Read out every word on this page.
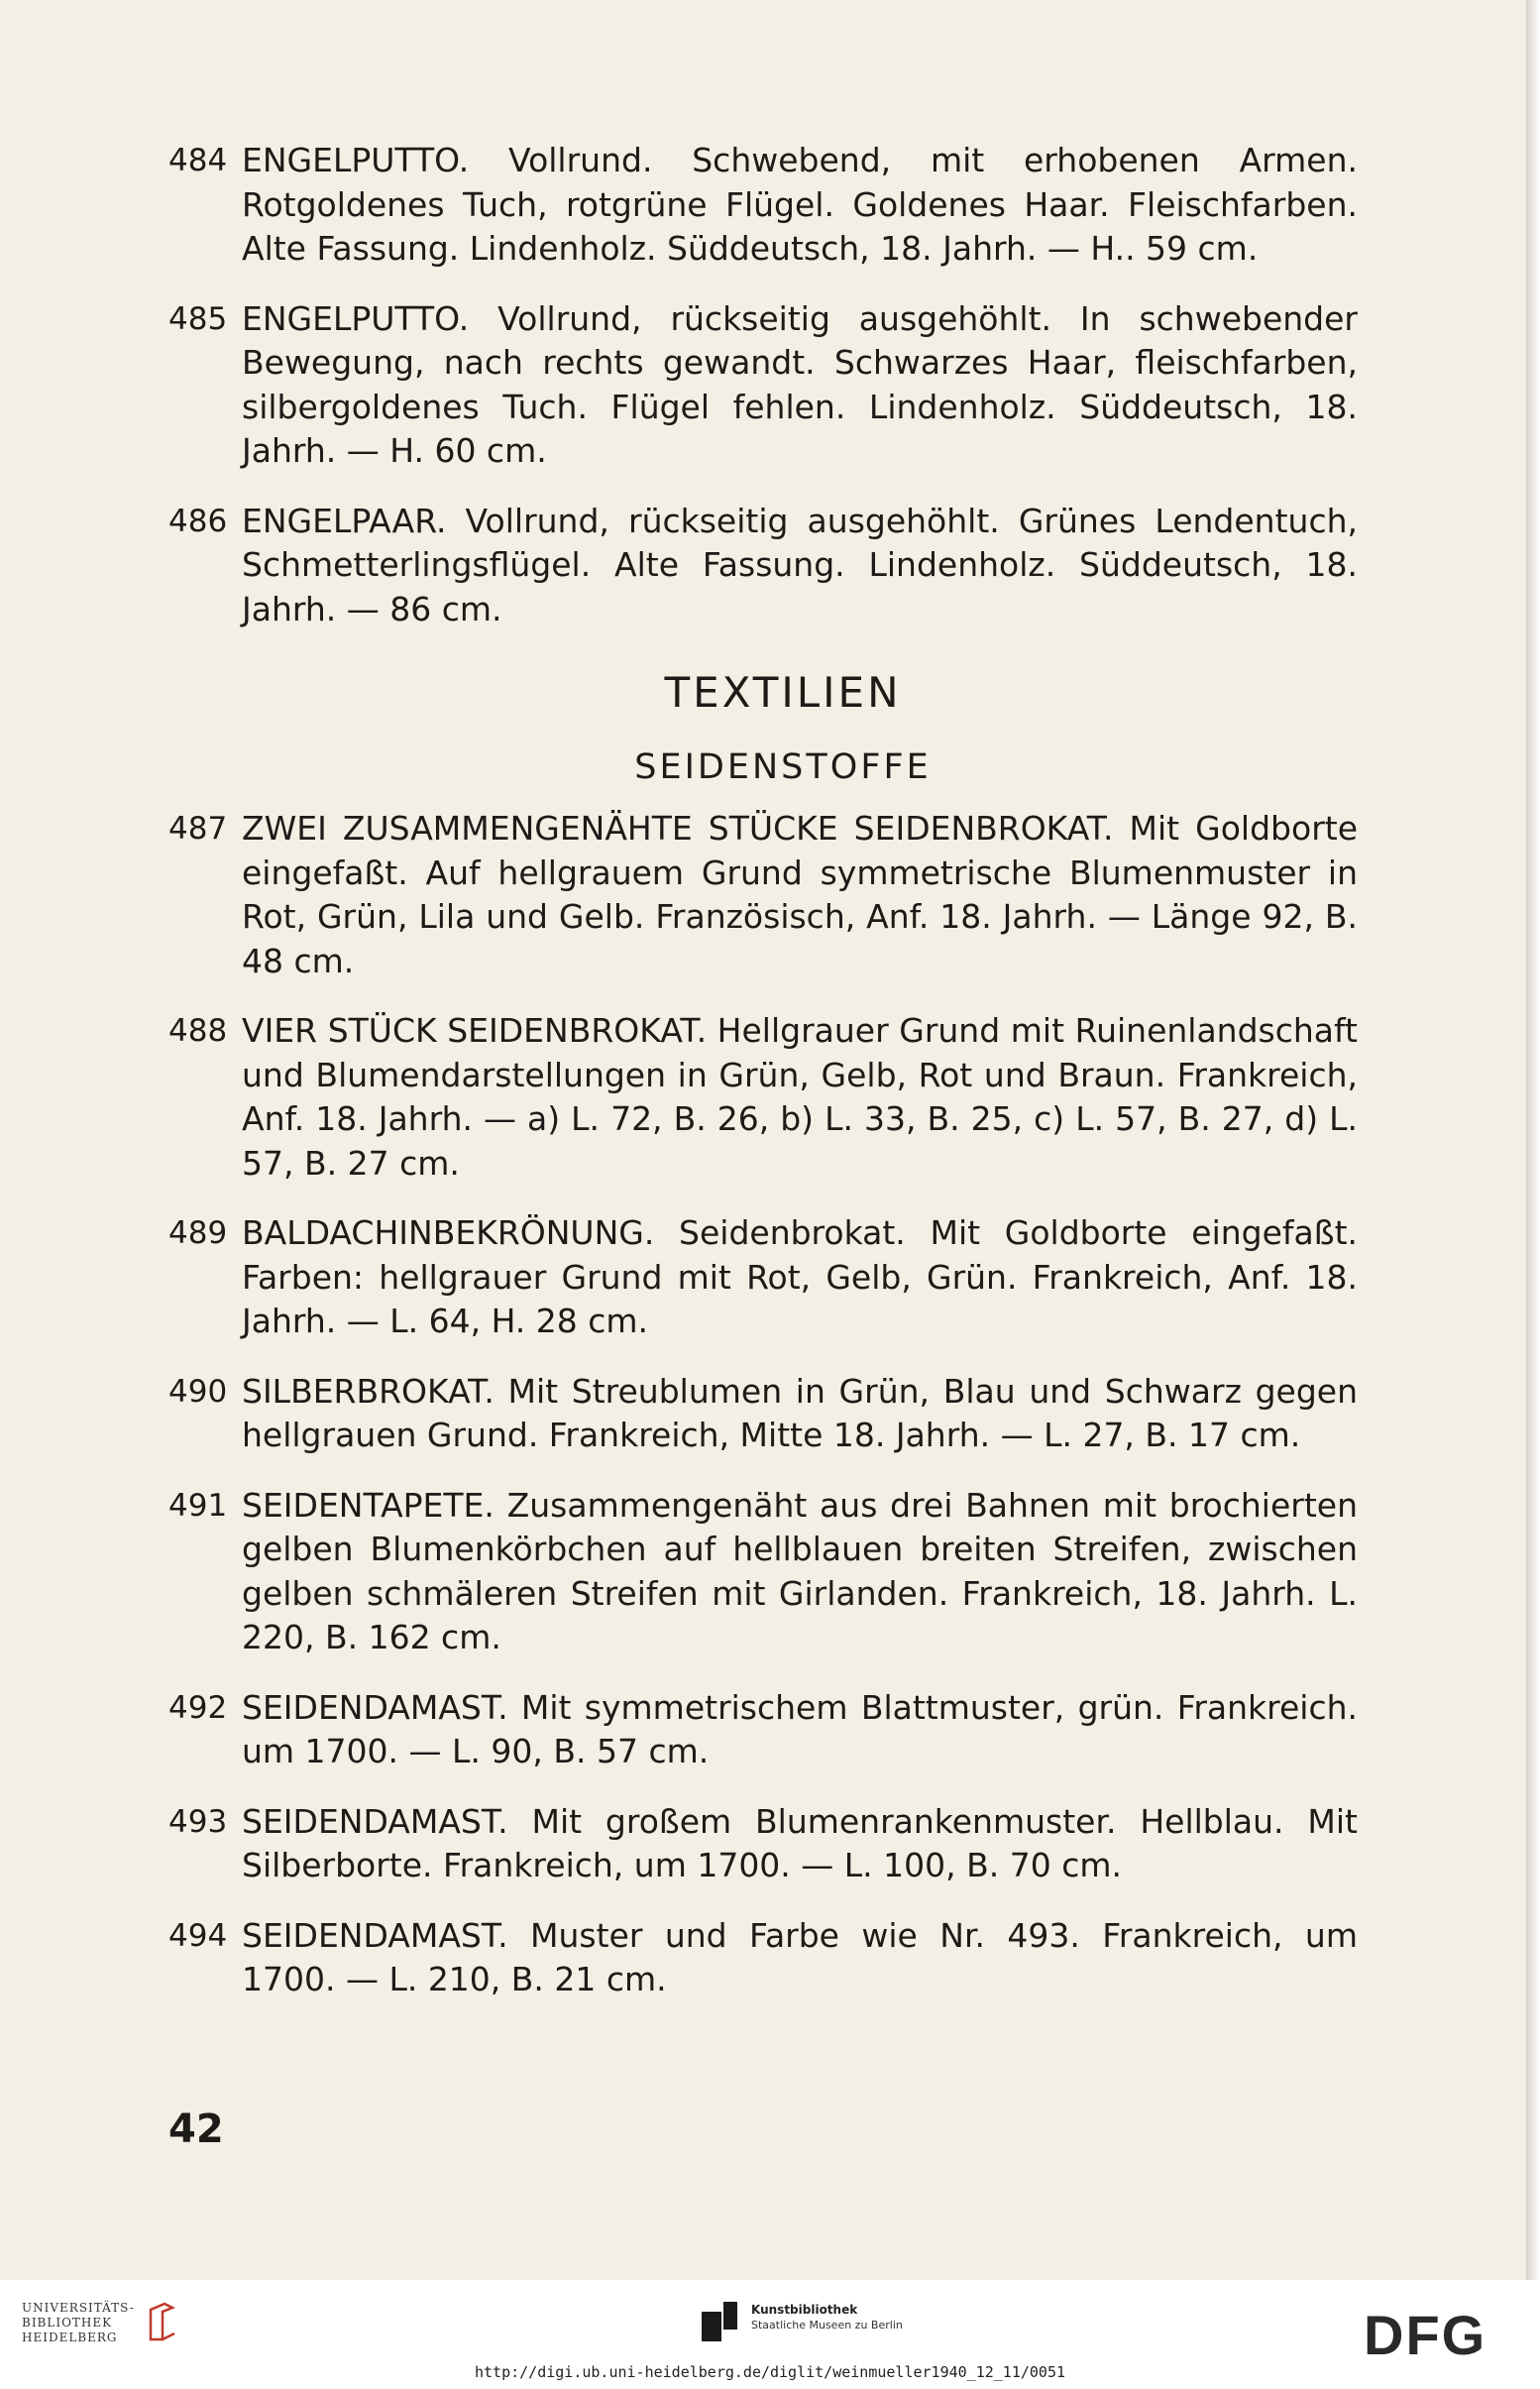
484 ENGELPUTTO. Vollrund. Schwebend, mit erhobenen Armen. Rotgoldenes Tuch, rotgrüne Flügel. Goldenes Haar. Fleischfarben. Alte Fassung. Lindenholz. Süddeutsch, 18. Jahrh. — H.. 59 cm.
485 ENGELPUTTO. Vollrund, rückseitig ausgehöhlt. In schwebender Bewegung, nach rechts gewandt. Schwarzes Haar, fleischfarben, silbergoldenes Tuch. Flügel fehlen. Lindenholz. Süddeutsch, 18. Jahrh. — H. 60 cm.
486 ENGELPAAR. Vollrund, rückseitig ausgehöhlt. Grünes Lendentuch, Schmetterlingsflügel. Alte Fassung. Lindenholz. Süddeutsch, 18. Jahrh. — 86 cm.
TEXTILIEN
SEIDENSTOFFE
487 ZWEI ZUSAMMENGENÄHTE STÜCKE SEIDENBROKAT. Mit Goldborte eingefaßt. Auf hellgrauem Grund symmetrische Blumenmuster in Rot, Grün, Lila und Gelb. Französisch, Anf. 18. Jahrh. — Länge 92, B. 48 cm.
488 VIER STÜCK SEIDENBROKAT. Hellgrauer Grund mit Ruinenlandschaft und Blumendarstellungen in Grün, Gelb, Rot und Braun. Frankreich, Anf. 18. Jahrh. — a) L. 72, B. 26, b) L. 33, B. 25, c) L. 57, B. 27, d) L. 57, B. 27 cm.
489 BALDACHINBEKRÖNUNG. Seidenbrokat. Mit Goldborte eingefaßt. Farben: hellgrauer Grund mit Rot, Gelb, Grün. Frankreich, Anf. 18. Jahrh. — L. 64, H. 28 cm.
490 SILBERBROKAT. Mit Streublumen in Grün, Blau und Schwarz gegen hellgrauen Grund. Frankreich, Mitte 18. Jahrh. — L. 27, B. 17 cm.
491 SEIDENTAPETE. Zusammengenäht aus drei Bahnen mit brochierten gelben Blumenkörbchen auf hellblauen breiten Streifen, zwischen gelben schmäleren Streifen mit Girlanden. Frankreich, 18. Jahrh. L. 220, B. 162 cm.
492 SEIDENDAMAST. Mit symmetrischem Blattmuster, grün. Frankreich. um 1700. — L. 90, B. 57 cm.
493 SEIDENDAMAST. Mit großem Blumenrankenmuster. Hellblau. Mit Silberborte. Frankreich, um 1700. — L. 100, B. 70 cm.
494 SEIDENDAMAST. Muster und Farbe wie Nr. 493. Frankreich, um 1700. — L. 210, B. 21 cm.
42
UNIVERSITÄTS-
BIBLIOTHEK
HEIDELBERG
Kunstbibliothek
Staatliche Museen zu Berlin	DFG
http://digi.ub.uni-heidelberg.de/diglit/weinmueller1940_12_11/0051
